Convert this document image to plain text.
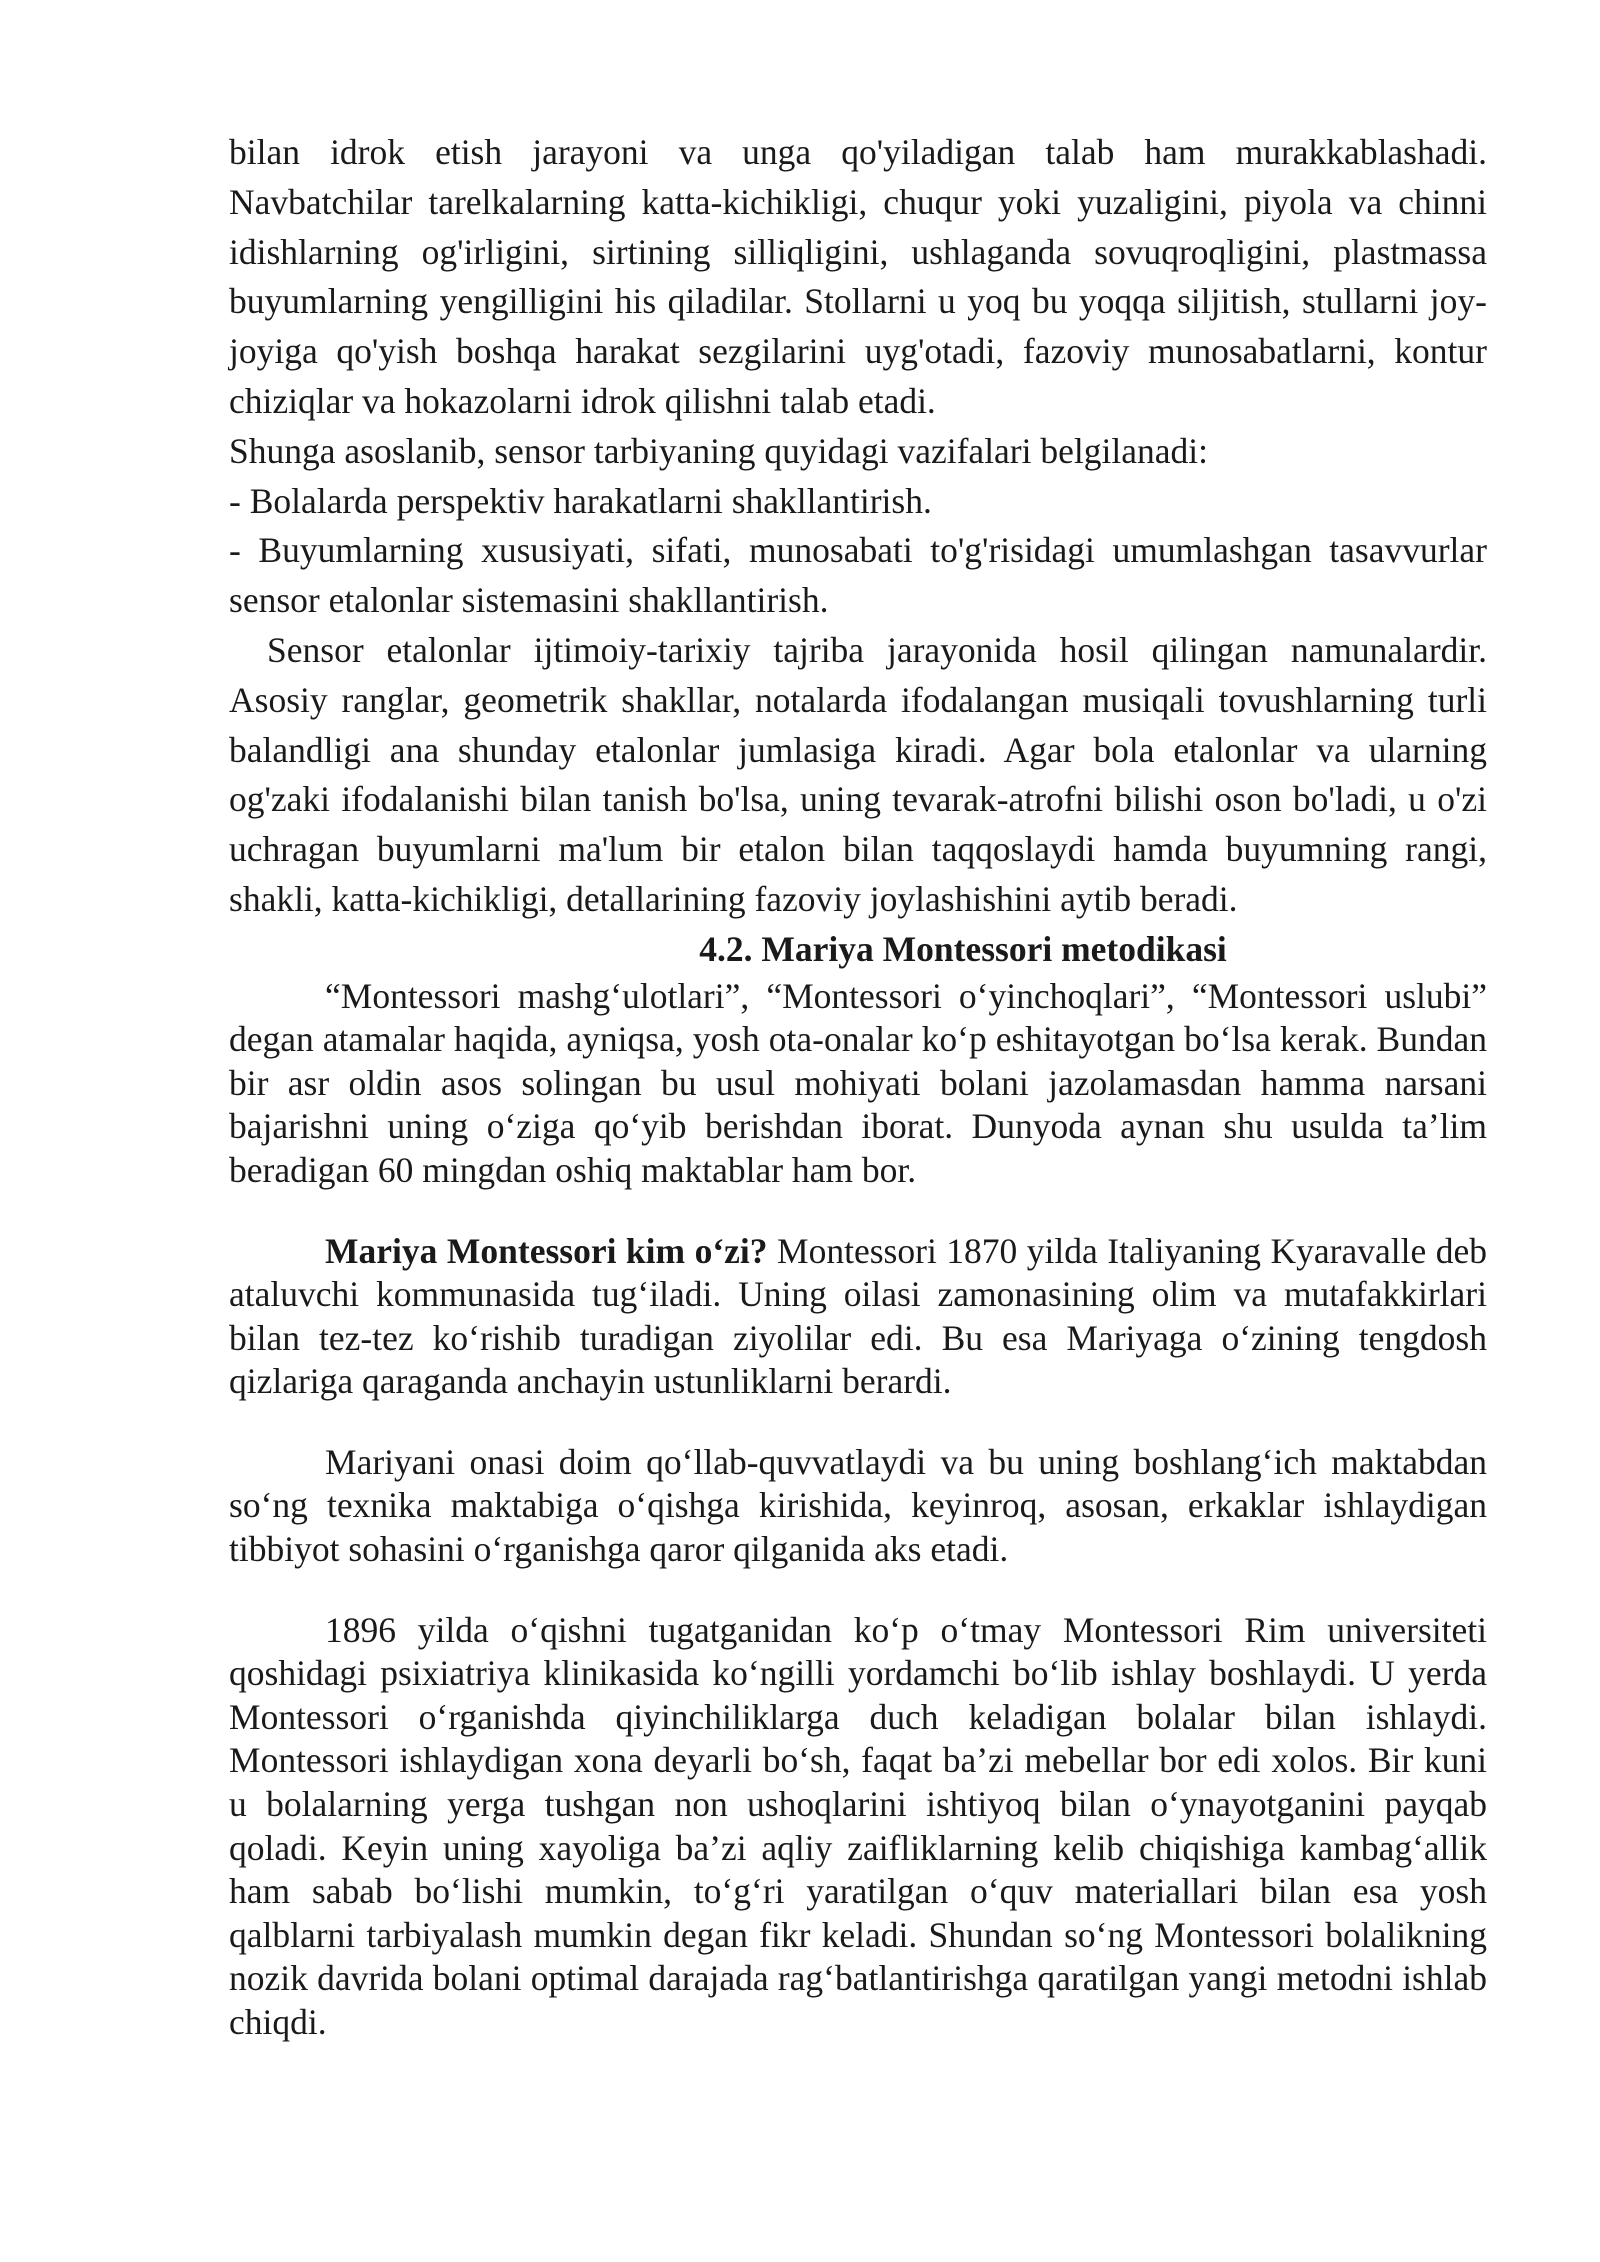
bilan idrok etish jarayoni va unga qo'yiladigan talab ham murakkablashadi. Navbatchilar tarelkalarning katta-kichikligi, chuqur yoki yuzaligini, piyola va chinni idishlarning og'irligini, sirtining silliqligini, ushlaganda sovuqroqligini, plastmassa buyumlarning yengilligini his qiladilar. Stollarni u yoq bu yoqqa siljitish, stullarni joy-joyiga qo'yish boshqa harakat sezgilarini uyg'otadi, fazoviy munosabatlarni, kontur chiziqlar va hokazolarni idrok qilishni talab etadi.

Shunga asoslanib, sensor tarbiyaning quyidagi vazifalari belgilanadi:

- Bolalarda perspektiv harakatlarni shakllantirish.

- Buyumlarning xususiyati, sifati, munosabati to'g'risidagi umumlashgan tasavvurlar sensor etalonlar sistemasini shakllantirish.

Sensor etalonlar ijtimoiy-tarixiy tajriba jarayonida hosil qilingan namunalardir. Asosiy ranglar, geometrik shakllar, notalarda ifodalangan musiqali tovushlarning turli balandligi ana shunday etalonlar jumlasiga kiradi. Agar bola etalonlar va ularning og'zaki ifodalanishi bilan tanish bo'lsa, uning tevarak-atrofni bilishi oson bo'ladi, u o'zi uchragan buyumlarni ma'lum bir etalon bilan taqqoslaydi hamda buyumning rangi, shakli, katta-kichikligi, detallarining fazoviy joylashishini aytib beradi.

4.2. Mariya Montessori metodikasi

“Montessori mashg‘ulotlari”, “Montessori o‘yinchoqlari”, “Montessori uslubi” degan atamalar haqida, ayniqsa, yosh ota-onalar ko‘p eshitayotgan bo‘lsa kerak. Bundan bir asr oldin asos solingan bu usul mohiyati bolani jazolamasdan hamma narsani bajarishni uning o‘ziga qo‘yib berishdan iborat. Dunyoda aynan shu usulda ta’lim beradigan 60 mingdan oshiq maktablar ham bor.

Mariya Montessori kim o‘zi? Montessori 1870 yilda Italiyaning Kyaravalle deb ataluvchi kommunasida tug‘iladi. Uning oilasi zamonasining olim va mutafakkirlari bilan tez-tez ko‘rishib turadigan ziyolilar edi. Bu esa Mariyaga o‘zining tengdosh qizlariga qaraganda anchayin ustunliklarni berardi.

Mariyani onasi doim qo‘llab-quvvatlaydi va bu uning boshlang‘ich maktabdan so‘ng texnika maktabiga o‘qishga kirishida, keyinroq, asosan, erkaklar ishlaydigan tibbiyot sohasini o‘rganishga qaror qilganida aks etadi.

1896 yilda o‘qishni tugatganidan ko‘p o‘tmay Montessori Rim universiteti qoshidagi psixiatriya klinikasida ko‘ngilli yordamchi bo‘lib ishlay boshlaydi. U yerda Montessori o‘rganishda qiyinchiliklarga duch keladigan bolalar bilan ishlaydi. Montessori ishlaydigan xona deyarli bo‘sh, faqat ba’zi mebellar bor edi xolos. Bir kuni u bolalarning yerga tushgan non ushoqlarini ishtiyoq bilan o‘ynayotganini payqab qoladi. Keyin uning xayoliga ba’zi aqliy zaifliklarning kelib chiqishiga kambag‘allik ham sabab bo‘lishi mumkin, to‘g‘ri yaratilgan o‘quv materiallari bilan esa yosh qalblarni tarbiyalash mumkin degan fikr keladi. Shundan so‘ng Montessori bolalikning nozik davrida bolani optimal darajada rag‘batlantirishga qaratilgan yangi metodni ishlab chiqdi.
